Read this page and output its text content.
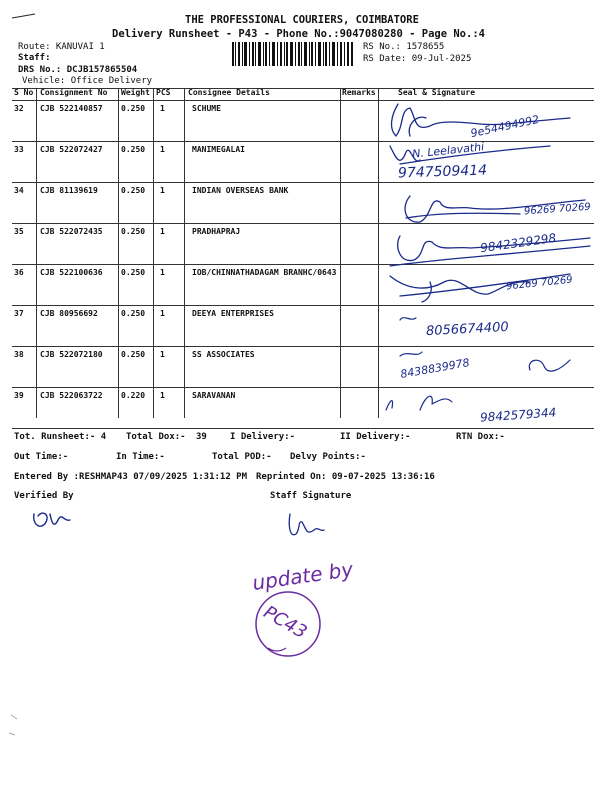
THE PROFESSIONAL COURIERS, COIMBATORE
Delivery Runsheet - P43 - Phone No.:9047080280 - Page No.:4
Route: KANUVAI 1
Staff:
DRS No.: DCJB157865504
Vehicle: Office Delivery
RS No.: 1578655
RS Date: 09-Jul-2025
S No Consignment No Weight PCS Consignee Details	Remarks	Seal & Signature
32 CJB 522140857 0.250 1	SCHUME
33 CJB 522072427 0.250 1	MANIMEGALAI
34 CJB 81139619	0.250 1	INDIAN OVERSEAS BANK
35 CJB 522072435 0.250 1	PRADHAPRAJ
36 CJB 522100636 0.250 1	IOB/CHINNATHADAGAM BRANHC/0643
37 CJB 80956692	0.250 1	DEEYA ENTERPRISES
38 CJB 522072180 0.250 1	SS ASSOCIATES
39 CJB 522063722 0.220 1	SARAVANAN
9e54494992
N. Leelavathi
9747509414
96269 70269
9842329298
96269 70269
8056674400
8438839978
9842579344
Tot. Runsheet:- 4 Total Dox:- 39	I Delivery:-	II Delivery:-	RTN Dox:-
Out Time:-	In Time:-	Total POD:- Delvy Points:-
Entered By :RESHMAP43 07/09/2025 1:31:12 PM Reprinted On: 09-07-2025 13:36:16
Verified By	Staff Signature
update by
PC43
